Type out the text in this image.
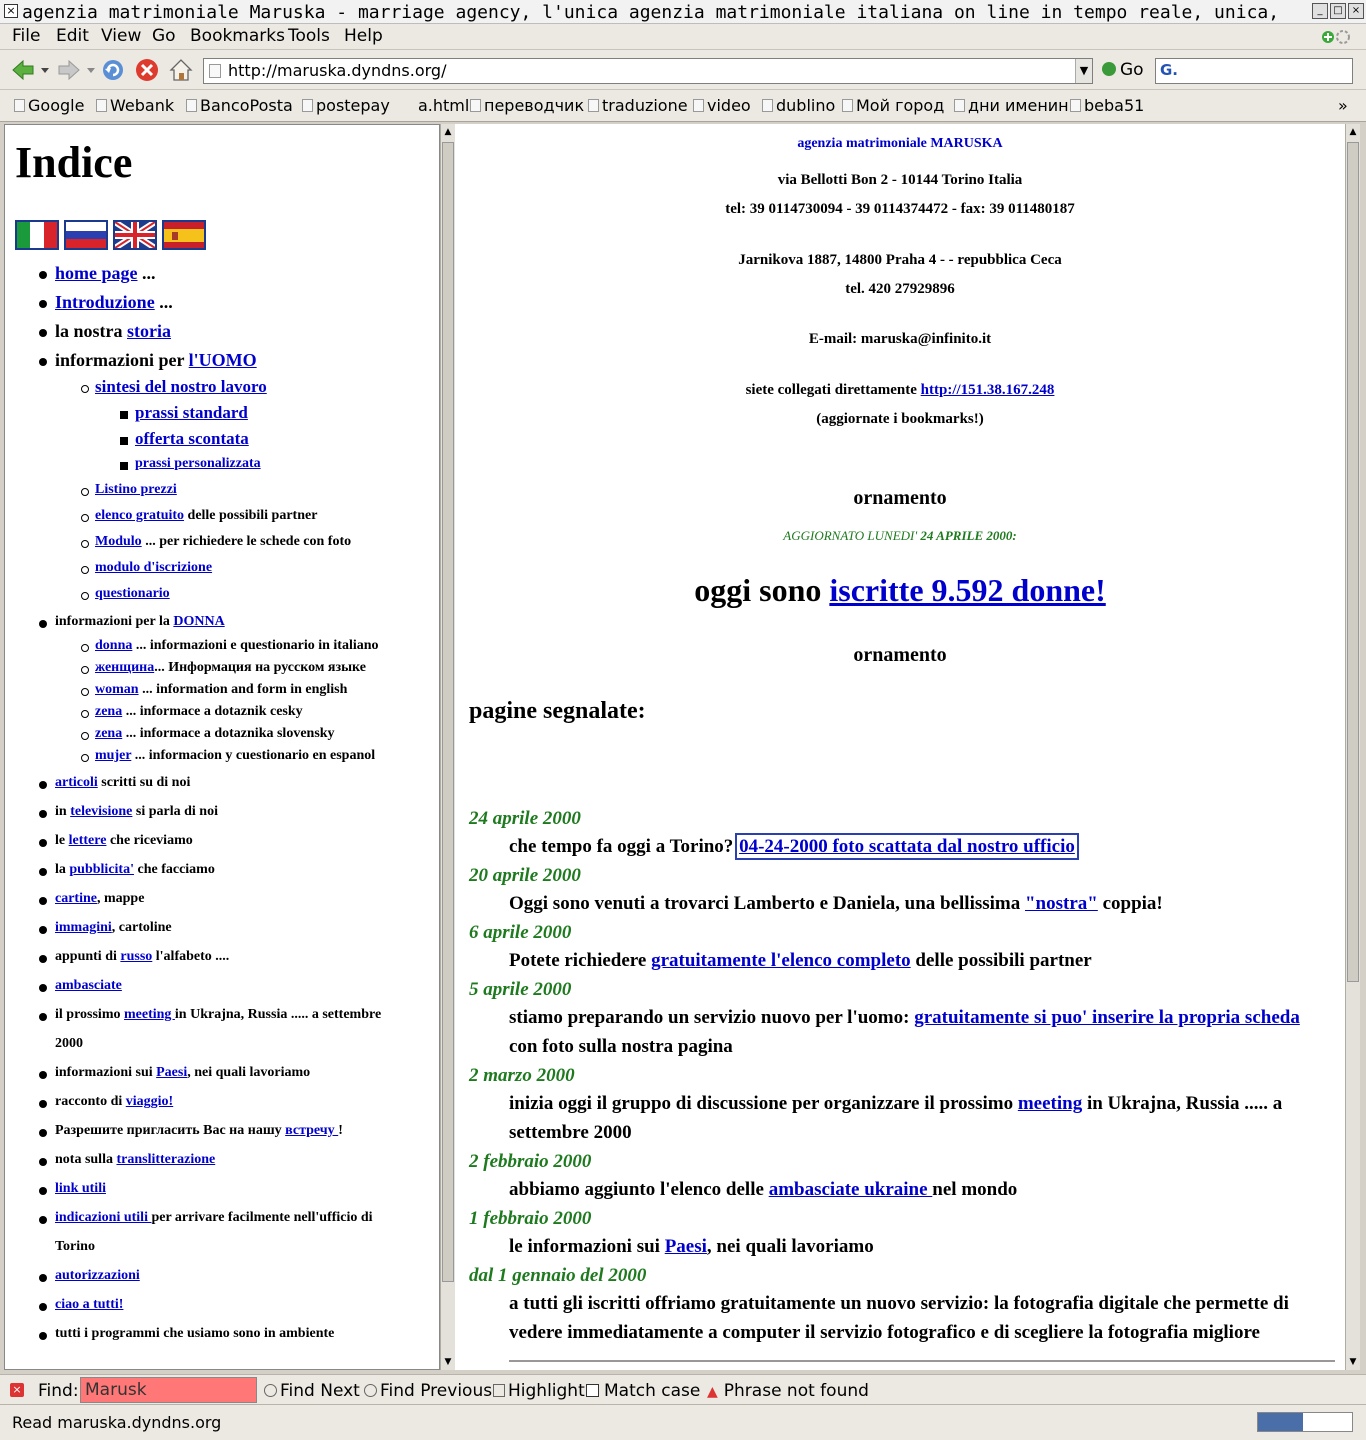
× agenzia matrimoniale Maruska - marriage agency, l'unica agenzia matrimoniale italiana on line in tempo reale, unica,	_	□ ×
File Edit View Go Bookmarks Tools Help
http://maruska.dyndns.org/	▼	Go G.
Google	Webank	BancoPosta	postepay	a.html переводчик	traduzione	video	dublino	Мой город	дни именин beba51	»
Indice
home page ...
Introduzione ...
la nostra storia
informazioni per l'UOMO
sintesi del nostro lavoro
prassi standard
offerta scontata
prassi personalizzata
Listino prezzi
elenco gratuito delle possibili partner
Modulo ... per richiedere le schede con foto
modulo d'iscrizione
questionario
informazioni per la DONNA
donna ... informazioni e questionario in italiano
женщина... Информация на русском языке
woman ... information and form in english
zena ... informace a dotaznik cesky
zena ... informace a dotaznika slovensky
mujer ... informacion y cuestionario en espanol
articoli scritti su di noi
in televisione si parla di noi
le lettere che riceviamo
la pubblicita' che facciamo
cartine, mappe
immagini, cartoline
appunti di russo l'alfabeto ....
ambasciate
il prossimo meeting in Ukrajna, Russia ..... a settembre
2000
informazioni sui Paesi, nei quali lavoriamo
racconto di viaggio!
Разрешите пригласить Вас на нашу встречу !
nota sulla translitterazione
link utili
indicazioni utili per arrivare facilmente nell'ufficio di
Torino
autorizzazioni
ciao a tutti!
tutti i programmi che usiamo sono in ambiente
▲
▼
agenzia matrimoniale MARUSKA
via Bellotti Bon 2 - 10144 Torino Italia
tel: 39 0114730094 - 39 0114374472 - fax: 39 011480187
Jarnikova 1887, 14800 Praha 4 - - repubblica Ceca
tel. 420 27929896
E-mail: maruska@infinito.it
siete collegati direttamente http://151.38.167.248
(aggiornate i bookmarks!)
ornamento
AGGIORNATO LUNEDI' 24 APRILE 2000:
oggi sono iscritte 9.592 donne!
ornamento
pagine segnalate:
24 aprile 2000
che tempo fa oggi a Torino? 04-24-2000 foto scattata dal nostro ufficio
20 aprile 2000
Oggi sono venuti a trovarci Lamberto e Daniela, una bellissima "nostra" coppia!
6 aprile 2000
Potete richiedere gratuitamente l'elenco completo delle possibili partner
5 aprile 2000
stiamo preparando un servizio nuovo per l'uomo: gratuitamente si puo' inserire la propria scheda
con foto sulla nostra pagina
2 marzo 2000
inizia oggi il gruppo di discussione per organizzare il prossimo meeting in Ukrajna, Russia ..... a
settembre 2000
2 febbraio 2000
abbiamo aggiunto l'elenco delle ambasciate ukraine nel mondo
1 febbraio 2000
le informazioni sui Paesi, nei quali lavoriamo
dal 1 gennaio del 2000
a tutti gli iscritti offriamo gratuitamente un nuovo servizio: la fotografia digitale che permette di
vedere immediatamente a computer il servizio fotografico e di scegliere la fotografia migliore
▲
▼
× Find: Marusk	Find Next	Find Previous Highlight	Match case ▲ Phrase not found
Read maruska.dyndns.org
